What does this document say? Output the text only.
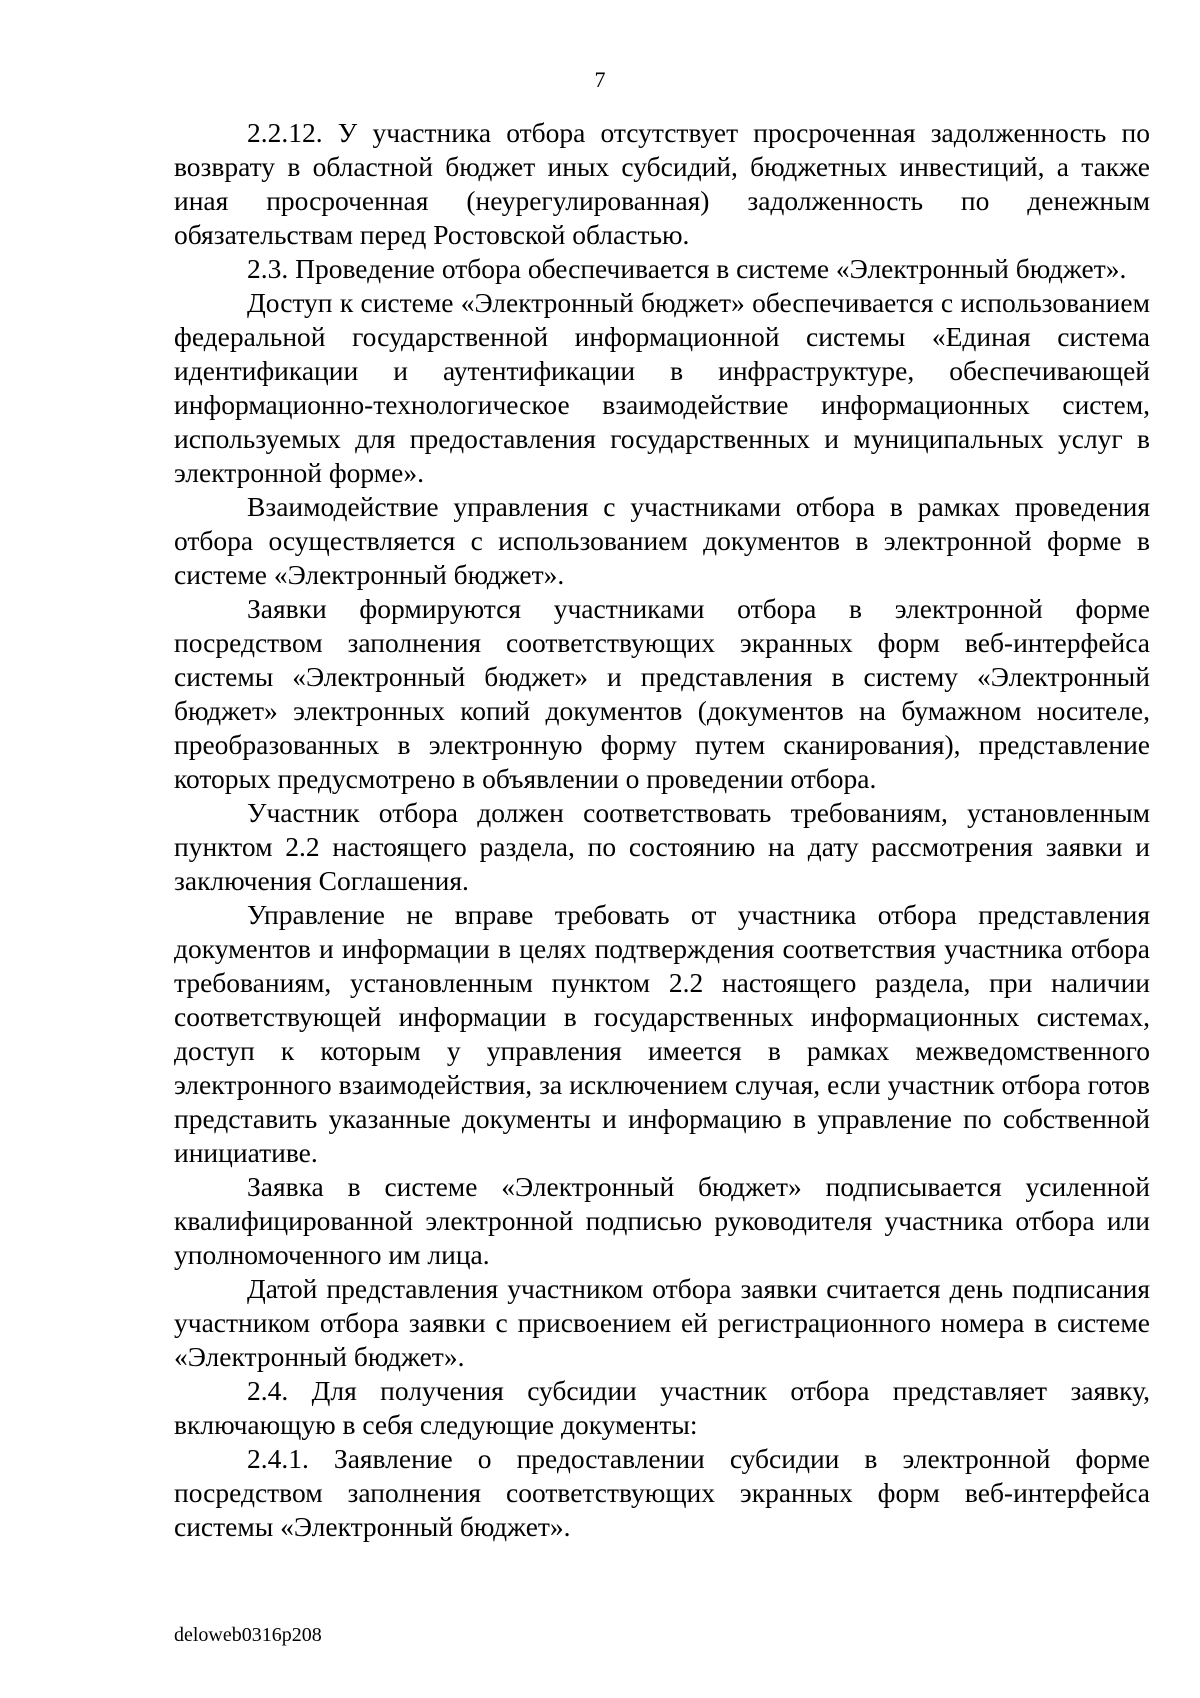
7

2.2.12. У участника отбора отсутствует просроченная задолженность по возврату в областной бюджет иных субсидий, бюджетных инвестиций, а также иная просроченная (неурегулированная) задолженность по денежным обязательствам перед Ростовской областью.

2.3. Проведение отбора обеспечивается в системе «Электронный бюджет».

Доступ к системе «Электронный бюджет» обеспечивается с использованием федеральной государственной информационной системы «Единая система идентификации и аутентификации в инфраструктуре, обеспечивающей информационно-технологическое взаимодействие информационных систем, используемых для предоставления государственных и муниципальных услуг в электронной форме».

Взаимодействие управления с участниками отбора в рамках проведения отбора осуществляется с использованием документов в электронной форме в системе «Электронный бюджет».

Заявки формируются участниками отбора в электронной форме посредством заполнения соответствующих экранных форм веб-интерфейса системы «Электронный бюджет» и представления в систему «Электронный бюджет» электронных копий документов (документов на бумажном носителе, преобразованных в электронную форму путем сканирования), представление которых предусмотрено в объявлении о проведении отбора.

Участник отбора должен соответствовать требованиям, установленным пунктом 2.2 настоящего раздела, по состоянию на дату рассмотрения заявки и заключения Соглашения.

Управление не вправе требовать от участника отбора представления документов и информации в целях подтверждения соответствия участника отбора требованиям, установленным пунктом 2.2 настоящего раздела, при наличии соответствующей информации в государственных информационных системах, доступ к которым у управления имеется в рамках межведомственного электронного взаимодействия, за исключением случая, если участник отбора готов представить указанные документы и информацию в управление по собственной инициативе.

Заявка в системе «Электронный бюджет» подписывается усиленной квалифицированной электронной подписью руководителя участника отбора или уполномоченного им лица.

Датой представления участником отбора заявки считается день подписания участником отбора заявки с присвоением ей регистрационного номера в системе «Электронный бюджет».

2.4. Для получения субсидии участник отбора представляет заявку, включающую в себя следующие документы:

2.4.1. Заявление о предоставлении субсидии в электронной форме посредством заполнения соответствующих экранных форм веб-интерфейса системы «Электронный бюджет».

deloweb0316p208
